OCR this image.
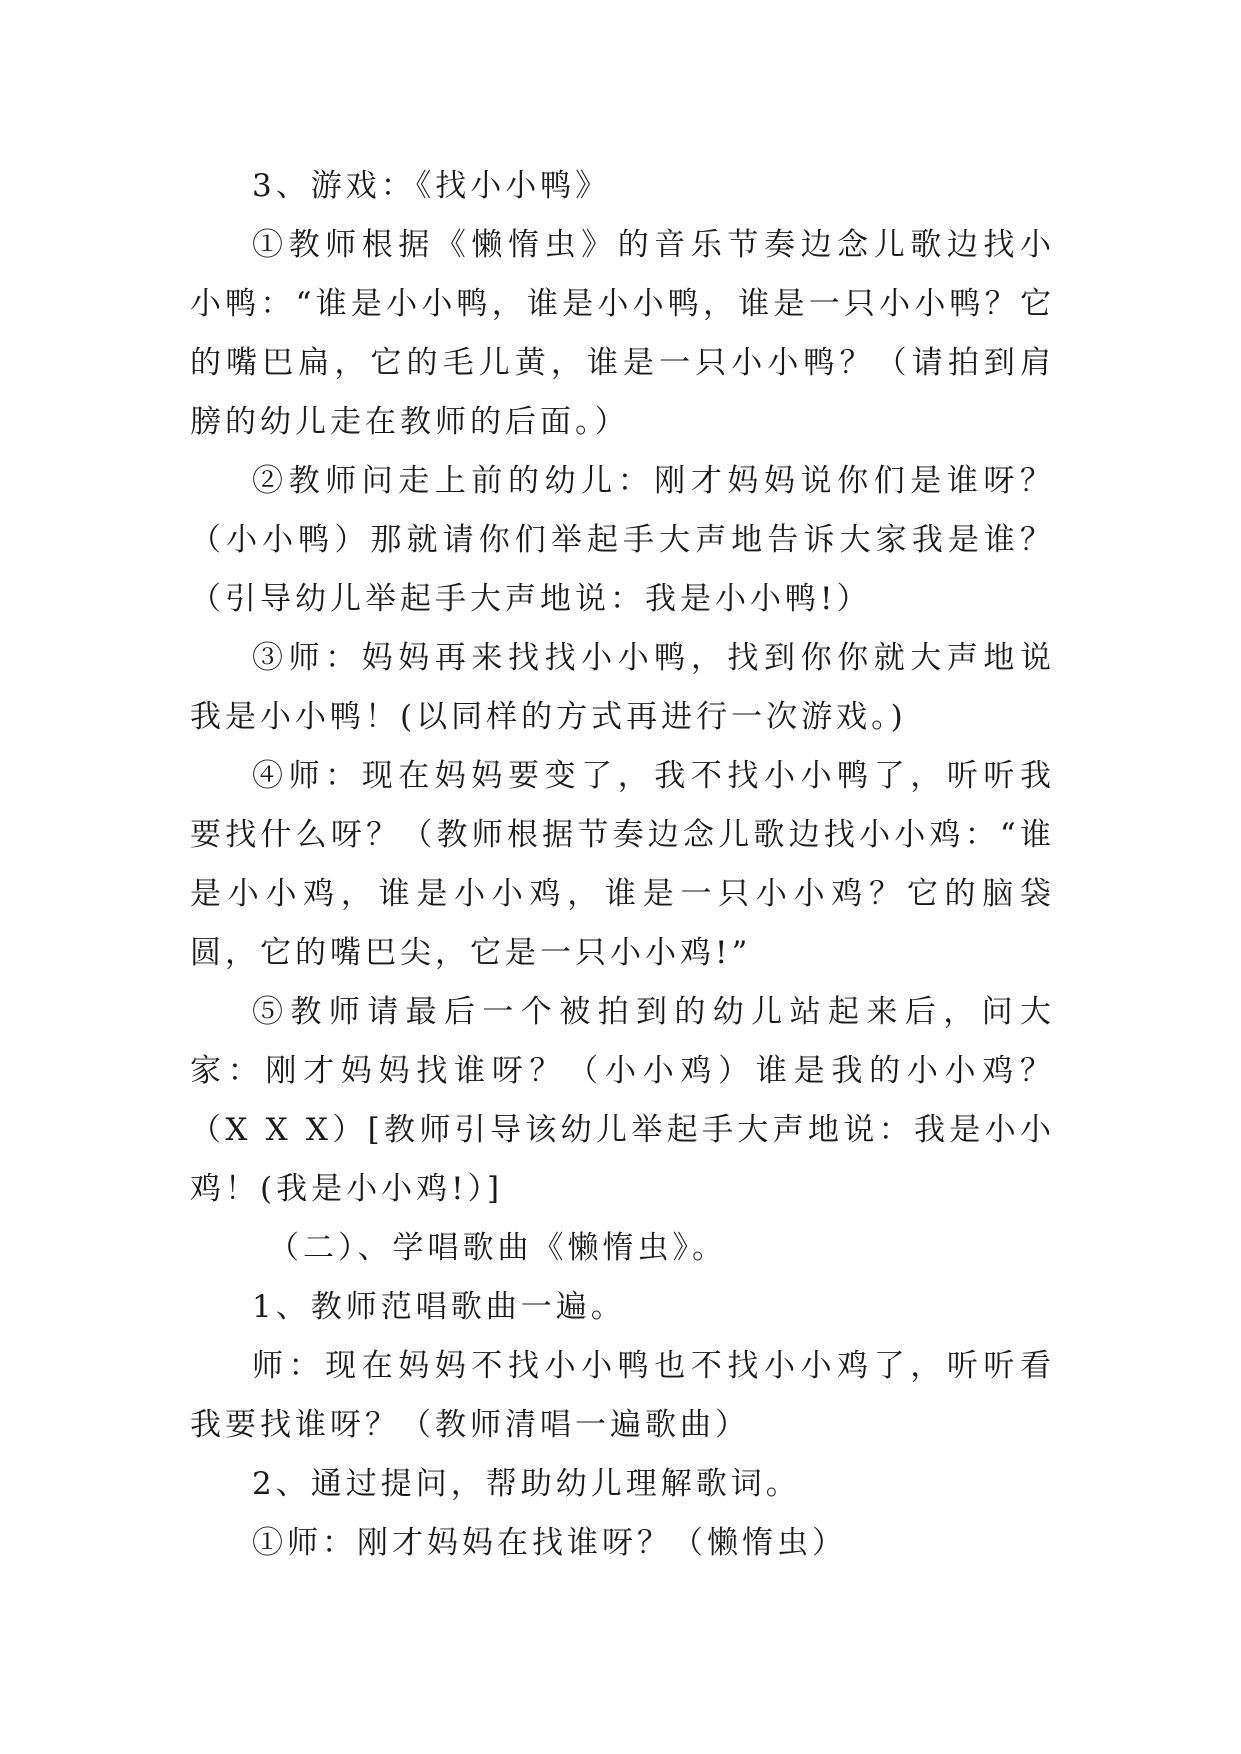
3、游戏：《找小小鸭》

①教师根据《懒惰虫》的音乐节奏边念儿歌边找小小鸭：“谁是小小鸭，谁是小小鸭，谁是一只小小鸭？它的嘴巴扁，它的毛儿黄，谁是一只小小鸭？（请拍到肩膀的幼儿走在教师的后面。）

②教师问走上前的幼儿：刚才妈妈说你们是谁呀？（小小鸭）那就请你们举起手大声地告诉大家我是谁？（引导幼儿举起手大声地说：我是小小鸭!）

③师：妈妈再来找找小小鸭，找到你你就大声地说我是小小鸭！(以同样的方式再进行一次游戏。)

④师：现在妈妈要变了，我不找小小鸭了，听听我要找什么呀？（教师根据节奏边念儿歌边找小小鸡：“谁是小小鸡，谁是小小鸡，谁是一只小小鸡？它的脑袋圆，它的嘴巴尖，它是一只小小鸡!”

⑤教师请最后一个被拍到的幼儿站起来后，问大家：刚才妈妈找谁呀？（小小鸡）谁是我的小小鸡？（X X X）[教师引导该幼儿举起手大声地说：我是小小鸡！(我是小小鸡!）]

（二）、学唱歌曲《懒惰虫》。

1、教师范唱歌曲一遍。

师：现在妈妈不找小小鸭也不找小小鸡了，听听看我要找谁呀？（教师清唱一遍歌曲）

2、通过提问，帮助幼儿理解歌词。

①师：刚才妈妈在找谁呀？（懒惰虫）
